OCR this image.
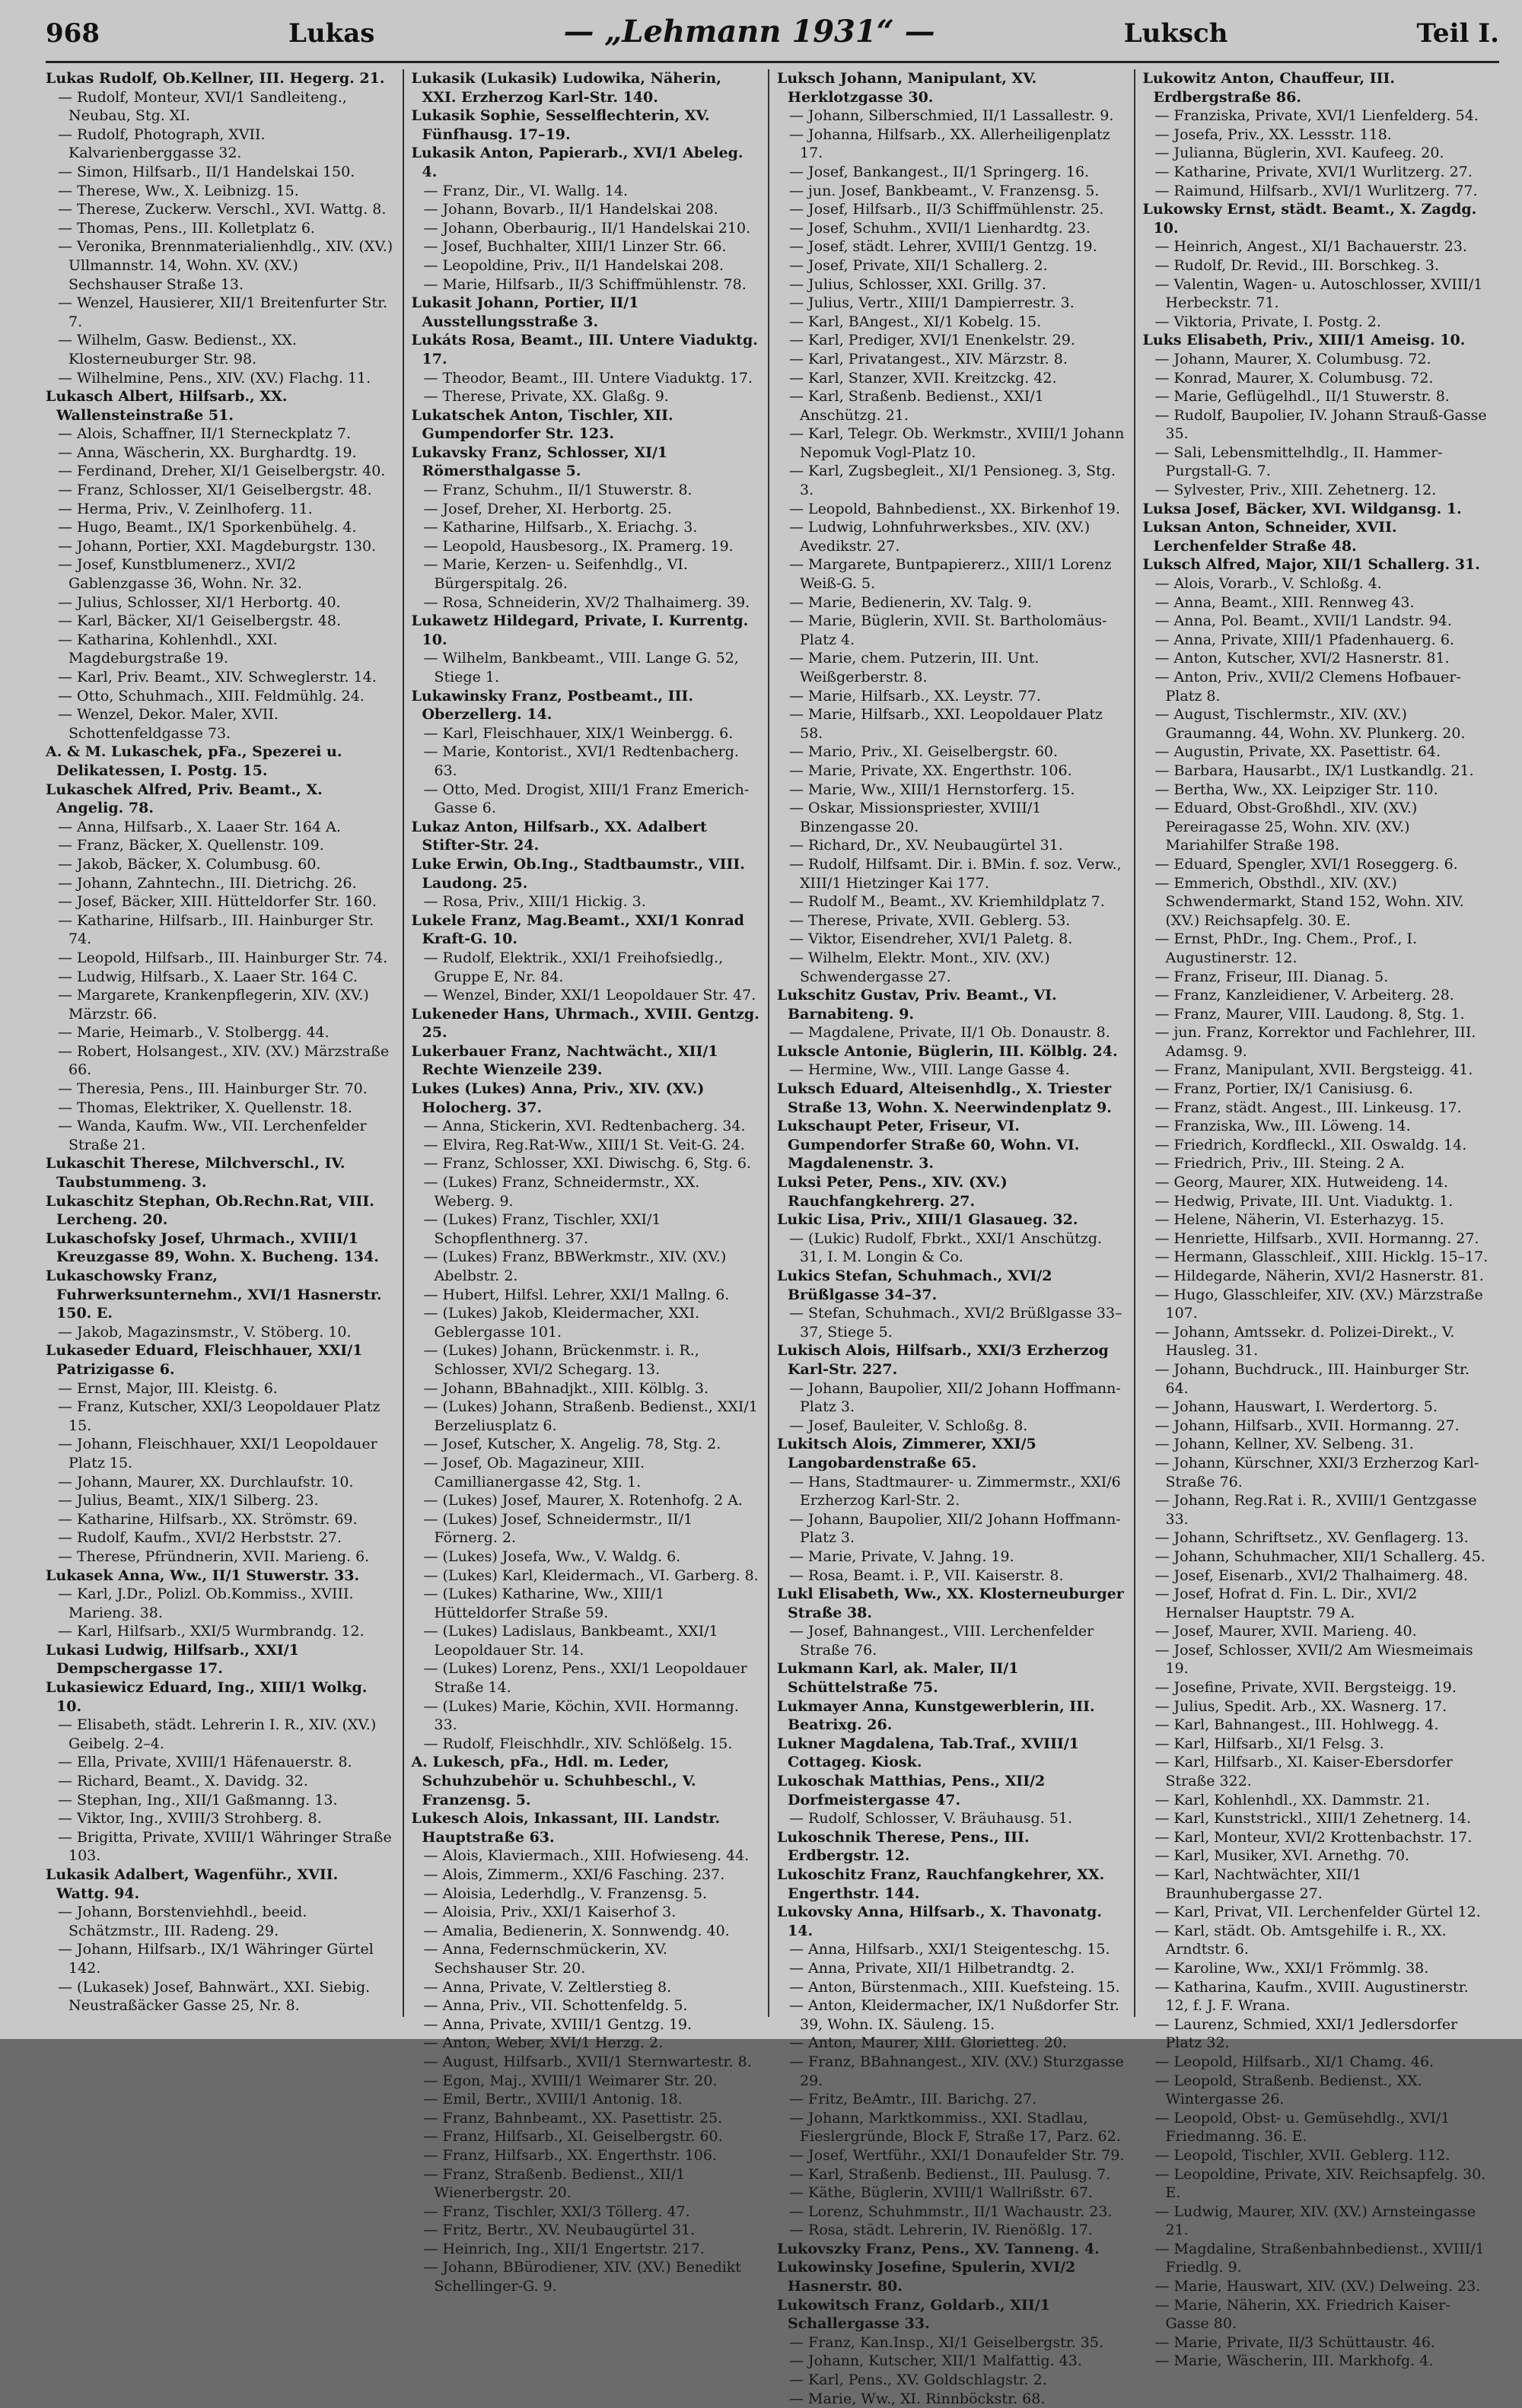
968	Lukas	— „Lehmann 1931“ —	Luksch	Teil I.
Lukas Rudolf, Ob.Kellner, III. Hegerg. 21.
— Rudolf, Monteur, XVI/1 Sandleiteng., Neubau, Stg. XI.
— Rudolf, Photograph, XVII. Kalvarienberggasse 32.
— Simon, Hilfsarb., II/1 Handelskai 150.
— Therese, Ww., X. Leibnizg. 15.
— Therese, Zuckerw. Verschl., XVI. Wattg. 8.
— Thomas, Pens., III. Kolletplatz 6.
— Veronika, Brennmaterialienhdlg., XIV. (XV.) Ullmannstr. 14, Wohn. XV. (XV.) Sechshauser Straße 13.
— Wenzel, Hausierer, XII/1 Breitenfurter Str. 7.
— Wilhelm, Gasw. Bedienst., XX. Klosterneuburger Str. 98.
— Wilhelmine, Pens., XIV. (XV.) Flachg. 11.
Lukasch Albert, Hilfsarb., XX. Wallensteinstraße 51.
— Alois, Schaffner, II/1 Sterneckplatz 7.
— Anna, Wäscherin, XX. Burghardtg. 19.
— Ferdinand, Dreher, XI/1 Geiselbergstr. 40.
— Franz, Schlosser, XI/1 Geiselbergstr. 48.
— Herma, Priv., V. Zeinlhoferg. 11.
— Hugo, Beamt., IX/1 Sporkenbühelg. 4.
— Johann, Portier, XXI. Magdeburgstr. 130.
— Josef, Kunstblumenerz., XVI/2 Gablenzgasse 36, Wohn. Nr. 32.
— Julius, Schlosser, XI/1 Herbortg. 40.
— Karl, Bäcker, XI/1 Geiselbergstr. 48.
— Katharina, Kohlenhdl., XXI. Magdeburgstraße 19.
— Karl, Priv. Beamt., XIV. Schweglerstr. 14.
— Otto, Schuhmach., XIII. Feldmühlg. 24.
— Wenzel, Dekor. Maler, XVII. Schottenfeldgasse 73.
A. & M. Lukaschek, pFa., Spezerei u. Delikatessen, I. Postg. 15.
Lukaschek Alfred, Priv. Beamt., X. Angelig. 78.
— Anna, Hilfsarb., X. Laaer Str. 164 A.
— Franz, Bäcker, X. Quellenstr. 109.
— Jakob, Bäcker, X. Columbusg. 60.
— Johann, Zahntechn., III. Dietrichg. 26.
— Josef, Bäcker, XIII. Hütteldorfer Str. 160.
— Katharine, Hilfsarb., III. Hainburger Str. 74.
— Leopold, Hilfsarb., III. Hainburger Str. 74.
— Ludwig, Hilfsarb., X. Laaer Str. 164 C.
— Margarete, Krankenpflegerin, XIV. (XV.) Märzstr. 66.
— Marie, Heimarb., V. Stolbergg. 44.
— Robert, Holsangest., XIV. (XV.) Märzstraße 66.
— Theresia, Pens., III. Hainburger Str. 70.
— Thomas, Elektriker, X. Quellenstr. 18.
— Wanda, Kaufm. Ww., VII. Lerchenfelder Straße 21.
Lukaschit Therese, Milchverschl., IV. Taubstummeng. 3.
Lukaschitz Stephan, Ob.Rechn.Rat, VIII. Lercheng. 20.
Lukaschofsky Josef, Uhrmach., XVIII/1 Kreuzgasse 89, Wohn. X. Bucheng. 134.
Lukaschowsky Franz, Fuhrwerksunternehm., XVI/1 Hasnerstr. 150. E.
— Jakob, Magazinsmstr., V. Stöberg. 10.
Lukaseder Eduard, Fleischhauer, XXI/1 Patrizigasse 6.
— Ernst, Major, III. Kleistg. 6.
— Franz, Kutscher, XXI/3 Leopoldauer Platz 15.
— Johann, Fleischhauer, XXI/1 Leopoldauer Platz 15.
— Johann, Maurer, XX. Durchlaufstr. 10.
— Julius, Beamt., XIX/1 Silberg. 23.
— Katharine, Hilfsarb., XX. Strömstr. 69.
— Rudolf, Kaufm., XVI/2 Herbststr. 27.
— Therese, Pfründnerin, XVII. Marieng. 6.
Lukasek Anna, Ww., II/1 Stuwerstr. 33.
— Karl, J.Dr., Polizl. Ob.Kommiss., XVIII. Marieng. 38.
— Karl, Hilfsarb., XXI/5 Wurmbrandg. 12.
Lukasi Ludwig, Hilfsarb., XXI/1 Dempschergasse 17.
Lukasiewicz Eduard, Ing., XIII/1 Wolkg. 10.
— Elisabeth, städt. Lehrerin I. R., XIV. (XV.) Geibelg. 2–4.
— Ella, Private, XVIII/1 Häfenauerstr. 8.
— Richard, Beamt., X. Davidg. 32.
— Stephan, Ing., XII/1 Gaßmanng. 13.
— Viktor, Ing., XVIII/3 Strohberg. 8.
— Brigitta, Private, XVIII/1 Währinger Straße 103.
Lukasik Adalbert, Wagenführ., XVII. Wattg. 94.
— Johann, Borstenviehhdl., beeid. Schätzmstr., III. Radeng. 29.
— Johann, Hilfsarb., IX/1 Währinger Gürtel 142.
— (Lukasek) Josef, Bahnwärt., XXI. Siebig. Neustraßäcker Gasse 25, Nr. 8.
Lukasik (Lukasik) Ludowika, Näherin, XXI. Erzherzog Karl-Str. 140.
Lukasik Sophie, Sesselflechterin, XV. Fünfhausg. 17–19.
Lukasik Anton, Papierarb., XVI/1 Abeleg. 4.
— Franz, Dir., VI. Wallg. 14.
— Johann, Bovarb., II/1 Handelskai 208.
— Johann, Oberbaurig., II/1 Handelskai 210.
— Josef, Buchhalter, XIII/1 Linzer Str. 66.
— Leopoldine, Priv., II/1 Handelskai 208.
— Marie, Hilfsarb., II/3 Schiffmühlenstr. 78.
Lukasit Johann, Portier, II/1 Ausstellungsstraße 3.
Lukáts Rosa, Beamt., III. Untere Viaduktg. 17.
— Theodor, Beamt., III. Untere Viaduktg. 17.
— Therese, Private, XX. Glaßg. 9.
Lukatschek Anton, Tischler, XII. Gumpendorfer Str. 123.
Lukavsky Franz, Schlosser, XI/1 Römersthalgasse 5.
— Franz, Schuhm., II/1 Stuwerstr. 8.
— Josef, Dreher, XI. Herbortg. 25.
— Katharine, Hilfsarb., X. Eriachg. 3.
— Leopold, Hausbesorg., IX. Pramerg. 19.
— Marie, Kerzen- u. Seifenhdlg., VI. Bürgerspitalg. 26.
— Rosa, Schneiderin, XV/2 Thalhaimerg. 39.
Lukawetz Hildegard, Private, I. Kurrentg. 10.
— Wilhelm, Bankbeamt., VIII. Lange G. 52, Stiege 1.
Lukawinsky Franz, Postbeamt., III. Oberzellerg. 14.
— Karl, Fleischhauer, XIX/1 Weinbergg. 6.
— Marie, Kontorist., XVI/1 Redtenbacherg. 63.
— Otto, Med. Drogist, XIII/1 Franz Emerich-Gasse 6.
Lukaz Anton, Hilfsarb., XX. Adalbert Stifter-Str. 24.
Luke Erwin, Ob.Ing., Stadtbaumstr., VIII. Laudong. 25.
— Rosa, Priv., XIII/1 Hickig. 3.
Lukele Franz, Mag.Beamt., XXI/1 Konrad Kraft-G. 10.
— Rudolf, Elektrik., XXI/1 Freihofsiedlg., Gruppe E, Nr. 84.
— Wenzel, Binder, XXI/1 Leopoldauer Str. 47.
Lukeneder Hans, Uhrmach., XVIII. Gentzg. 25.
Lukerbauer Franz, Nachtwächt., XII/1 Rechte Wienzeile 239.
Lukes (Lukes) Anna, Priv., XIV. (XV.) Holocherg. 37.
— Anna, Stickerin, XVI. Redtenbacherg. 34.
— Elvira, Reg.Rat-Ww., XIII/1 St. Veit-G. 24.
— Franz, Schlosser, XXI. Diwischg. 6, Stg. 6.
— (Lukes) Franz, Schneidermstr., XX. Weberg. 9.
— (Lukes) Franz, Tischler, XXI/1 Schopflenthnerg. 37.
— (Lukes) Franz, BBWerkmstr., XIV. (XV.) Abelbstr. 2.
— Hubert, Hilfsl. Lehrer, XXI/1 Mallng. 6.
— (Lukes) Jakob, Kleidermacher, XXI. Geblergasse 101.
— (Lukes) Johann, Brückenmstr. i. R., Schlosser, XVI/2 Schegarg. 13.
— Johann, BBahnadjkt., XIII. Kölblg. 3.
— (Lukes) Johann, Straßenb. Bedienst., XXI/1 Berzeliusplatz 6.
— Josef, Kutscher, X. Angelig. 78, Stg. 2.
— Josef, Ob. Magazineur, XIII. Camillianergasse 42, Stg. 1.
— (Lukes) Josef, Maurer, X. Rotenhofg. 2 A.
— (Lukes) Josef, Schneidermstr., II/1 Förnerg. 2.
— (Lukes) Josefa, Ww., V. Waldg. 6.
— (Lukes) Karl, Kleidermach., VI. Garberg. 8.
— (Lukes) Katharine, Ww., XIII/1 Hütteldorfer Straße 59.
— (Lukes) Ladislaus, Bankbeamt., XXI/1 Leopoldauer Str. 14.
— (Lukes) Lorenz, Pens., XXI/1 Leopoldauer Straße 14.
— (Lukes) Marie, Köchin, XVII. Hormanng. 33.
— Rudolf, Fleischhdlr., XIV. Schlößelg. 15.
A. Lukesch, pFa., Hdl. m. Leder, Schuhzubehör u. Schuhbeschl., V. Franzensg. 5.
Lukesch Alois, Inkassant, III. Landstr. Hauptstraße 63.
— Alois, Klaviermach., XIII. Hofwieseng. 44.
— Alois, Zimmerm., XXI/6 Fasching. 237.
— Aloisia, Lederhdlg., V. Franzensg. 5.
— Aloisia, Priv., XXI/1 Kaiserhof 3.
— Amalia, Bedienerin, X. Sonnwendg. 40.
— Anna, Federnschmückerin, XV. Sechshauser Str. 20.
— Anna, Private, V. Zeltlerstieg 8.
— Anna, Priv., VII. Schottenfeldg. 5.
— Anna, Private, XVIII/1 Gentzg. 19.
— Anton, Weber, XVI/1 Herzg. 2.
— August, Hilfsarb., XVII/1 Sternwartestr. 8.
— Egon, Maj., XVIII/1 Weimarer Str. 20.
— Emil, Bertr., XVIII/1 Antonig. 18.
— Franz, Bahnbeamt., XX. Pasettistr. 25.
— Franz, Hilfsarb., XI. Geiselbergstr. 60.
— Franz, Hilfsarb., XX. Engerthstr. 106.
— Franz, Straßenb. Bedienst., XII/1 Wienerbergstr. 20.
— Franz, Tischler, XXI/3 Töllerg. 47.
— Fritz, Bertr., XV. Neubaugürtel 31.
— Heinrich, Ing., XII/1 Engertstr. 217.
— Johann, BBürodiener, XIV. (XV.) Benedikt Schellinger-G. 9.
Luksch Johann, Manipulant, XV. Herklotzgasse 30.
— Johann, Silberschmied, II/1 Lassallestr. 9.
— Johanna, Hilfsarb., XX. Allerheiligenplatz 17.
— Josef, Bankangest., II/1 Springerg. 16.
— jun. Josef, Bankbeamt., V. Franzensg. 5.
— Josef, Hilfsarb., II/3 Schiffmühlenstr. 25.
— Josef, Schuhm., XVII/1 Lienhardtg. 23.
— Josef, städt. Lehrer, XVIII/1 Gentzg. 19.
— Josef, Private, XII/1 Schallerg. 2.
— Julius, Schlosser, XXI. Grillg. 37.
— Julius, Vertr., XIII/1 Dampierrestr. 3.
— Karl, BAngest., XI/1 Kobelg. 15.
— Karl, Prediger, XVI/1 Enenkelstr. 29.
— Karl, Privatangest., XIV. Märzstr. 8.
— Karl, Stanzer, XVII. Kreitzckg. 42.
— Karl, Straßenb. Bedienst., XXI/1 Anschützg. 21.
— Karl, Telegr. Ob. Werkmstr., XVIII/1 Johann Nepomuk Vogl-Platz 10.
— Karl, Zugsbegleit., XI/1 Pensioneg. 3, Stg. 3.
— Leopold, Bahnbedienst., XX. Birkenhof 19.
— Ludwig, Lohnfuhrwerksbes., XIV. (XV.) Avedikstr. 27.
— Margarete, Buntpapiererz., XIII/1 Lorenz Weiß-G. 5.
— Marie, Bedienerin, XV. Talg. 9.
— Marie, Büglerin, XVII. St. Bartholomäus-Platz 4.
— Marie, chem. Putzerin, III. Unt. Weißgerberstr. 8.
— Marie, Hilfsarb., XX. Leystr. 77.
— Marie, Hilfsarb., XXI. Leopoldauer Platz 58.
— Mario, Priv., XI. Geiselbergstr. 60.
— Marie, Private, XX. Engerthstr. 106.
— Marie, Ww., XIII/1 Hernstorferg. 15.
— Oskar, Missionspriester, XVIII/1 Binzengasse 20.
— Richard, Dr., XV. Neubaugürtel 31.
— Rudolf, Hilfsamt. Dir. i. BMin. f. soz. Verw., XIII/1 Hietzinger Kai 177.
— Rudolf M., Beamt., XV. Kriemhildplatz 7.
— Therese, Private, XVII. Geblerg. 53.
— Viktor, Eisendreher, XVI/1 Paletg. 8.
— Wilhelm, Elektr. Mont., XIV. (XV.) Schwendergasse 27.
Lukschitz Gustav, Priv. Beamt., VI. Barnabiteng. 9.
— Magdalene, Private, II/1 Ob. Donaustr. 8.
Lukscle Antonie, Büglerin, III. Kölblg. 24.
— Hermine, Ww., VIII. Lange Gasse 4.
Luksch Eduard, Alteisenhdlg., X. Triester Straße 13, Wohn. X. Neerwindenplatz 9.
Lukschaupt Peter, Friseur, VI. Gumpendorfer Straße 60, Wohn. VI. Magdalenenstr. 3.
Luksi Peter, Pens., XIV. (XV.) Rauchfangkehrerg. 27.
Lukic Lisa, Priv., XIII/1 Glasaueg. 32.
— (Lukic) Rudolf, Fbrkt., XXI/1 Anschützg. 31, I. M. Longin & Co.
Lukics Stefan, Schuhmach., XVI/2 Brüßlgasse 34–37.
— Stefan, Schuhmach., XVI/2 Brüßlgasse 33–37, Stiege 5.
Lukisch Alois, Hilfsarb., XXI/3 Erzherzog Karl-Str. 227.
— Johann, Baupolier, XII/2 Johann Hoffmann-Platz 3.
— Josef, Bauleiter, V. Schloßg. 8.
Lukitsch Alois, Zimmerer, XXI/5 Langobardenstraße 65.
— Hans, Stadtmaurer- u. Zimmermstr., XXI/6 Erzherzog Karl-Str. 2.
— Johann, Baupolier, XII/2 Johann Hoffmann-Platz 3.
— Marie, Private, V. Jahng. 19.
— Rosa, Beamt. i. P., VII. Kaiserstr. 8.
Lukl Elisabeth, Ww., XX. Klosterneuburger Straße 38.
— Josef, Bahnangest., VIII. Lerchenfelder Straße 76.
Lukmann Karl, ak. Maler, II/1 Schüttelstraße 75.
Lukmayer Anna, Kunstgewerblerin, III. Beatrixg. 26.
Lukner Magdalena, Tab.Traf., XVIII/1 Cottageg. Kiosk.
Lukoschak Matthias, Pens., XII/2 Dorfmeistergasse 47.
— Rudolf, Schlosser, V. Bräuhausg. 51.
Lukoschnik Therese, Pens., III. Erdbergstr. 12.
Lukoschitz Franz, Rauchfangkehrer, XX. Engerthstr. 144.
Lukovsky Anna, Hilfsarb., X. Thavonatg. 14.
— Anna, Hilfsarb., XXI/1 Steigenteschg. 15.
— Anna, Private, XII/1 Hilbetrandtg. 2.
— Anton, Bürstenmach., XIII. Kuefsteing. 15.
— Anton, Kleidermacher, IX/1 Nußdorfer Str. 39, Wohn. IX. Säuleng. 15.
— Anton, Maurer, XIII. Glorietteg. 20.
— Franz, BBahnangest., XIV. (XV.) Sturzgasse 29.
— Fritz, BeAmtr., III. Barichg. 27.
— Johann, Marktkommiss., XXI. Stadlau, Fieslergründe, Block F, Straße 17, Parz. 62.
— Josef, Wertführ., XXI/1 Donaufelder Str. 79.
— Karl, Straßenb. Bedienst., III. Paulusg. 7.
— Käthe, Büglerin, XVIII/1 Wallrißstr. 67.
— Lorenz, Schuhmmstr., II/1 Wachaustr. 23.
— Rosa, städt. Lehrerin, IV. Rienößlg. 17.
Lukovszky Franz, Pens., XV. Tanneng. 4.
Lukowinsky Josefine, Spulerin, XVI/2 Hasnerstr. 80.
Lukowitsch Franz, Goldarb., XII/1 Schallergasse 33.
— Franz, Kan.Insp., XI/1 Geiselbergstr. 35.
— Johann, Kutscher, XII/1 Malfattig. 43.
— Karl, Pens., XV. Goldschlagstr. 2.
— Marie, Ww., XI. Rinnböckstr. 68.
Lukowitz Anton, Chauffeur, III. Erdbergstraße 86.
— Franziska, Private, XVI/1 Lienfelderg. 54.
— Josefa, Priv., XX. Lessstr. 118.
— Julianna, Büglerin, XVI. Kaufeeg. 20.
— Katharine, Private, XVI/1 Wurlitzerg. 27.
— Raimund, Hilfsarb., XVI/1 Wurlitzerg. 77.
Lukowsky Ernst, städt. Beamt., X. Zagdg. 10.
— Heinrich, Angest., XI/1 Bachauerstr. 23.
— Rudolf, Dr. Revid., III. Borschkeg. 3.
— Valentin, Wagen- u. Autoschlosser, XVIII/1 Herbeckstr. 71.
— Viktoria, Private, I. Postg. 2.
Luks Elisabeth, Priv., XIII/1 Ameisg. 10.
— Johann, Maurer, X. Columbusg. 72.
— Konrad, Maurer, X. Columbusg. 72.
— Marie, Geflügelhdl., II/1 Stuwerstr. 8.
— Rudolf, Baupolier, IV. Johann Strauß-Gasse 35.
— Sali, Lebensmittelhdlg., II. Hammer-Purgstall-G. 7.
— Sylvester, Priv., XIII. Zehetnerg. 12.
Luksa Josef, Bäcker, XVI. Wildgansg. 1.
Luksan Anton, Schneider, XVII. Lerchenfelder Straße 48.
Luksch Alfred, Major, XII/1 Schallerg. 31.
— Alois, Vorarb., V. Schloßg. 4.
— Anna, Beamt., XIII. Rennweg 43.
— Anna, Pol. Beamt., XVII/1 Landstr. 94.
— Anna, Private, XIII/1 Pfadenhauerg. 6.
— Anton, Kutscher, XVI/2 Hasnerstr. 81.
— Anton, Priv., XVII/2 Clemens Hofbauer-Platz 8.
— August, Tischlermstr., XIV. (XV.) Graumanng. 44, Wohn. XV. Plunkerg. 20.
— Augustin, Private, XX. Pasettistr. 64.
— Barbara, Hausarbt., IX/1 Lustkandlg. 21.
— Bertha, Ww., XX. Leipziger Str. 110.
— Eduard, Obst-Großhdl., XIV. (XV.) Pereiragasse 25, Wohn. XIV. (XV.) Mariahilfer Straße 198.
— Eduard, Spengler, XVI/1 Roseggerg. 6.
— Emmerich, Obsthdl., XIV. (XV.) Schwendermarkt, Stand 152, Wohn. XIV. (XV.) Reichsapfelg. 30. E.
— Ernst, PhDr., Ing. Chem., Prof., I. Augustinerstr. 12.
— Franz, Friseur, III. Dianag. 5.
— Franz, Kanzleidiener, V. Arbeiterg. 28.
— Franz, Maurer, VIII. Laudong. 8, Stg. 1.
— jun. Franz, Korrektor und Fachlehrer, III. Adamsg. 9.
— Franz, Manipulant, XVII. Bergsteigg. 41.
— Franz, Portier, IX/1 Canisiusg. 6.
— Franz, städt. Angest., III. Linkeusg. 17.
— Franziska, Ww., III. Löweng. 14.
— Friedrich, Kordfleckl., XII. Oswaldg. 14.
— Friedrich, Priv., III. Steing. 2 A.
— Georg, Maurer, XIX. Hutweideng. 14.
— Hedwig, Private, III. Unt. Viaduktg. 1.
— Helene, Näherin, VI. Esterhazyg. 15.
— Henriette, Hilfsarb., XVII. Hormanng. 27.
— Hermann, Glasschleif., XIII. Hicklg. 15–17.
— Hildegarde, Näherin, XVI/2 Hasnerstr. 81.
— Hugo, Glasschleifer, XIV. (XV.) Märzstraße 107.
— Johann, Amtssekr. d. Polizei-Direkt., V. Hausleg. 31.
— Johann, Buchdruck., III. Hainburger Str. 64.
— Johann, Hauswart, I. Werdertorg. 5.
— Johann, Hilfsarb., XVII. Hormanng. 27.
— Johann, Kellner, XV. Selbeng. 31.
— Johann, Kürschner, XXI/3 Erzherzog Karl-Straße 76.
— Johann, Reg.Rat i. R., XVIII/1 Gentzgasse 33.
— Johann, Schriftsetz., XV. Genflagerg. 13.
— Johann, Schuhmacher, XII/1 Schallerg. 45.
— Josef, Eisenarb., XVI/2 Thalhaimerg. 48.
— Josef, Hofrat d. Fin. L. Dir., XVI/2 Hernalser Hauptstr. 79 A.
— Josef, Maurer, XVII. Marieng. 40.
— Josef, Schlosser, XVII/2 Am Wiesmeimais 19.
— Josefine, Private, XVII. Bergsteigg. 19.
— Julius, Spedit. Arb., XX. Wasnerg. 17.
— Karl, Bahnangest., III. Hohlwegg. 4.
— Karl, Hilfsarb., XI/1 Felsg. 3.
— Karl, Hilfsarb., XI. Kaiser-Ebersdorfer Straße 322.
— Karl, Kohlenhdl., XX. Dammstr. 21.
— Karl, Kunststrickl., XIII/1 Zehetnerg. 14.
— Karl, Monteur, XVI/2 Krottenbachstr. 17.
— Karl, Musiker, XVI. Arnethg. 70.
— Karl, Nachtwächter, XII/1 Braunhubergasse 27.
— Karl, Privat, VII. Lerchenfelder Gürtel 12.
— Karl, städt. Ob. Amtsgehilfe i. R., XX. Arndtstr. 6.
— Karoline, Ww., XXI/1 Frömmlg. 38.
— Katharina, Kaufm., XVIII. Augustinerstr. 12, f. J. F. Wrana.
— Laurenz, Schmied, XXI/1 Jedlersdorfer Platz 32.
— Leopold, Hilfsarb., XI/1 Chamg. 46.
— Leopold, Straßenb. Bedienst., XX. Wintergasse 26.
— Leopold, Obst- u. Gemüsehdlg., XVI/1 Friedmanng. 36. E.
— Leopold, Tischler, XVII. Geblerg. 112.
— Leopoldine, Private, XIV. Reichsapfelg. 30. E.
— Ludwig, Maurer, XIV. (XV.) Arnsteingasse 21.
— Magdaline, Straßenbahnbedienst., XVIII/1 Friedlg. 9.
— Marie, Hauswart, XIV. (XV.) Delweing. 23.
— Marie, Näherin, XX. Friedrich Kaiser-Gasse 80.
— Marie, Private, II/3 Schüttaustr. 46.
— Marie, Wäscherin, III. Markhofg. 4.
